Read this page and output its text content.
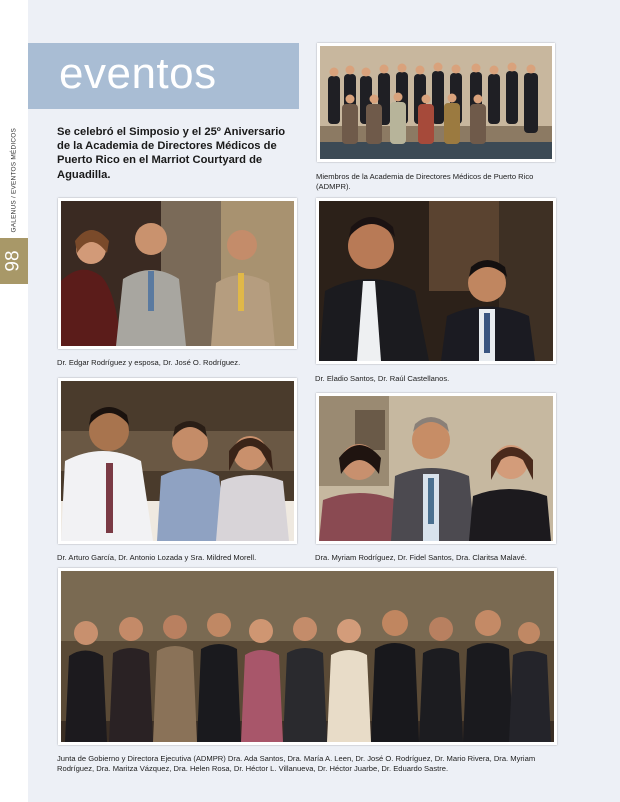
98
GALENUS / EVENTOS MÉDICOS
eventos
Se celebró el Simposio y el 25º Aniversario de la Academia de Directores Médicos de Puerto Rico en el Marriot Courtyard de Aguadilla.	Miembros de la Academia de Directores Médicos de Puerto Rico (ADMPR).
Dr. Edgar Rodríguez y esposa, Dr. José O. Rodríguez.
Dr. Eladio Santos, Dr. Raúl Castellanos.
Dr. Arturo García, Dr. Antonio Lozada y Sra. Mildred Morell.	Dra. Myriam Rodríguez, Dr. Fidel Santos, Dra. Claritsa Malavé.
Junta de Gobierno y Directora Ejecutiva (ADMPR) Dra. Ada Santos, Dra. María A. Leen, Dr. José O. Rodríguez, Dr. Mario Rivera, Dra. Myriam Rodríguez, Dra. Maritza Vázquez, Dra. Helen Rosa, Dr. Héctor L. Villanueva, Dr. Héctor Juarbe, Dr. Eduardo Sastre.
